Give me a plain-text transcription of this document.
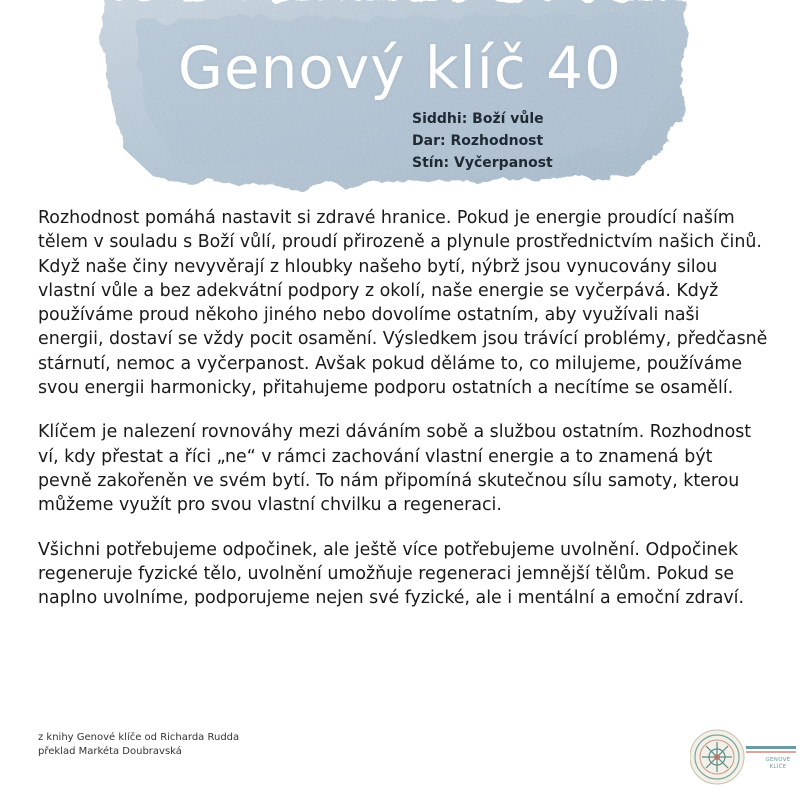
Genový klíč 40
Siddhi: Boží vůle
Dar: Rozhodnost
Stín: Vyčerpanost

Rozhodnost pomáhá nastavit si zdravé hranice. Pokud je energie proudící naším tělem v souladu s Boží vůlí, proudí přirozeně a plynule prostřednictvím našich činů. Když naše činy nevyvěrají z hloubky našeho bytí, nýbrž jsou vynucovány silou vlastní vůle a bez adekvátní podpory z okolí, naše energie se vyčerpává. Když používáme proud někoho jiného nebo dovolíme ostatním, aby využívali naši energii, dostaví se vždy pocit osamění. Výsledkem jsou trávící problémy, předčasně stárnutí, nemoc a vyčerpanost. Avšak pokud děláme to, co milujeme, používáme svou energii harmonicky, přitahujeme podporu ostatních a necítíme se osamělí.

Klíčem je nalezení rovnováhy mezi dáváním sobě a službou ostatním. Rozhodnost ví, kdy přestat a říci „ne“ v rámci zachování vlastní energie a to znamená být pevně zakořeněn ve svém bytí. To nám připomíná skutečnou sílu samoty, kterou můžeme využít pro svou vlastní chvilku a regeneraci.

Všichni potřebujeme odpočinek, ale ještě více potřebujeme uvolnění. Odpočinek regeneruje fyzické tělo, uvolnění umožňuje regeneraci jemnější tělům. Pokud se naplno uvolníme, podporujeme nejen své fyzické, ale i mentální a emoční zdraví.

z knihy Genové klíče od Richarda Rudda
překlad Markéta Doubravská
GENOVÉ
KLÍČE
